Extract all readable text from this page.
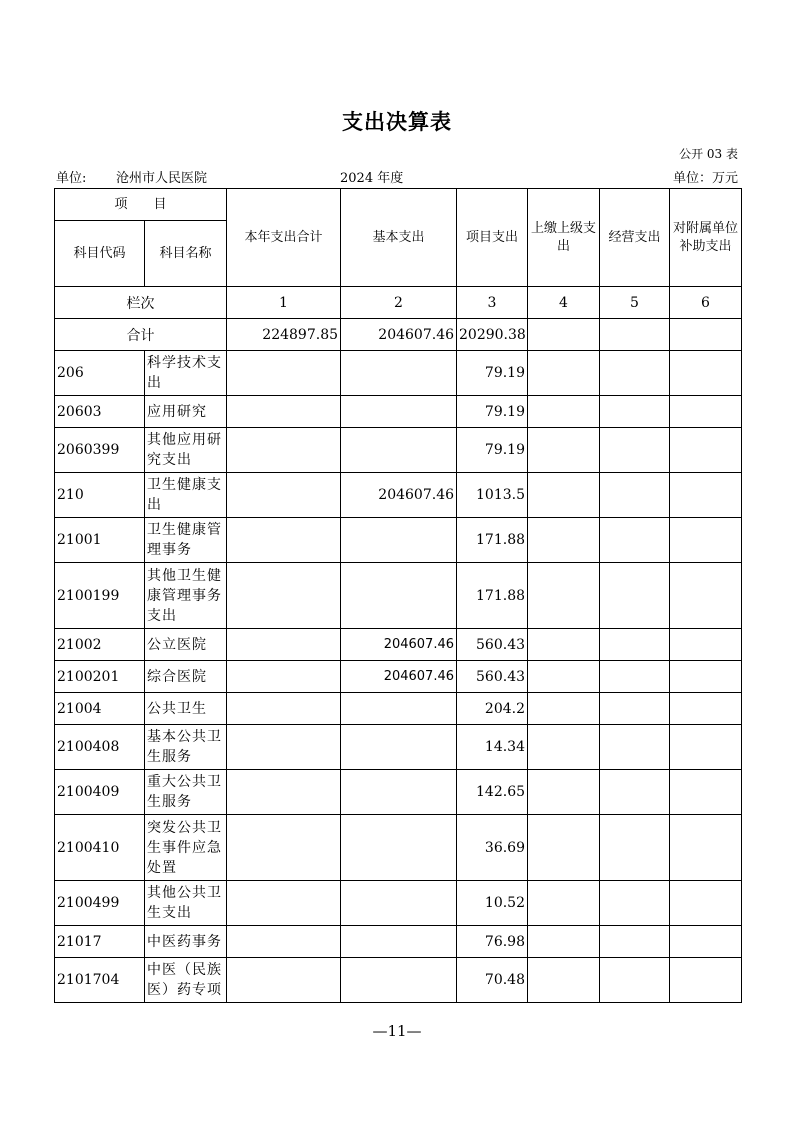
支出决算表
公开 03 表
单位: 沧州市人民医院	2024 年度	单位：万元
项　　目		本年支出合计	基本支出	项目支出	上缴上级支出	经营支出	对附属单位补助支出
科目代码	科目名称						
栏次		1	2	3	4	5	6
合计		224897.85	204607.46	20290.38			
206	科学技术支出			79.19			
20603	应用研究			79.19			
2060399	其他应用研究支出			79.19			
210	卫生健康支出		204607.46	1013.5			
21001	卫生健康管理事务			171.88			
2100199	其他卫生健康管理事务支出			171.88			
21002	公立医院		204607.46	560.43			
2100201	综合医院		204607.46	560.43			
21004	公共卫生			204.2			
2100408	基本公共卫生服务			14.34			
2100409	重大公共卫生服务			142.65			
2100410	突发公共卫生事件应急处置			36.69			
2100499	其他公共卫生支出			10.52			
21017	中医药事务			76.98			
2101704	中医（民族医）药专项			70.48			
—11—
